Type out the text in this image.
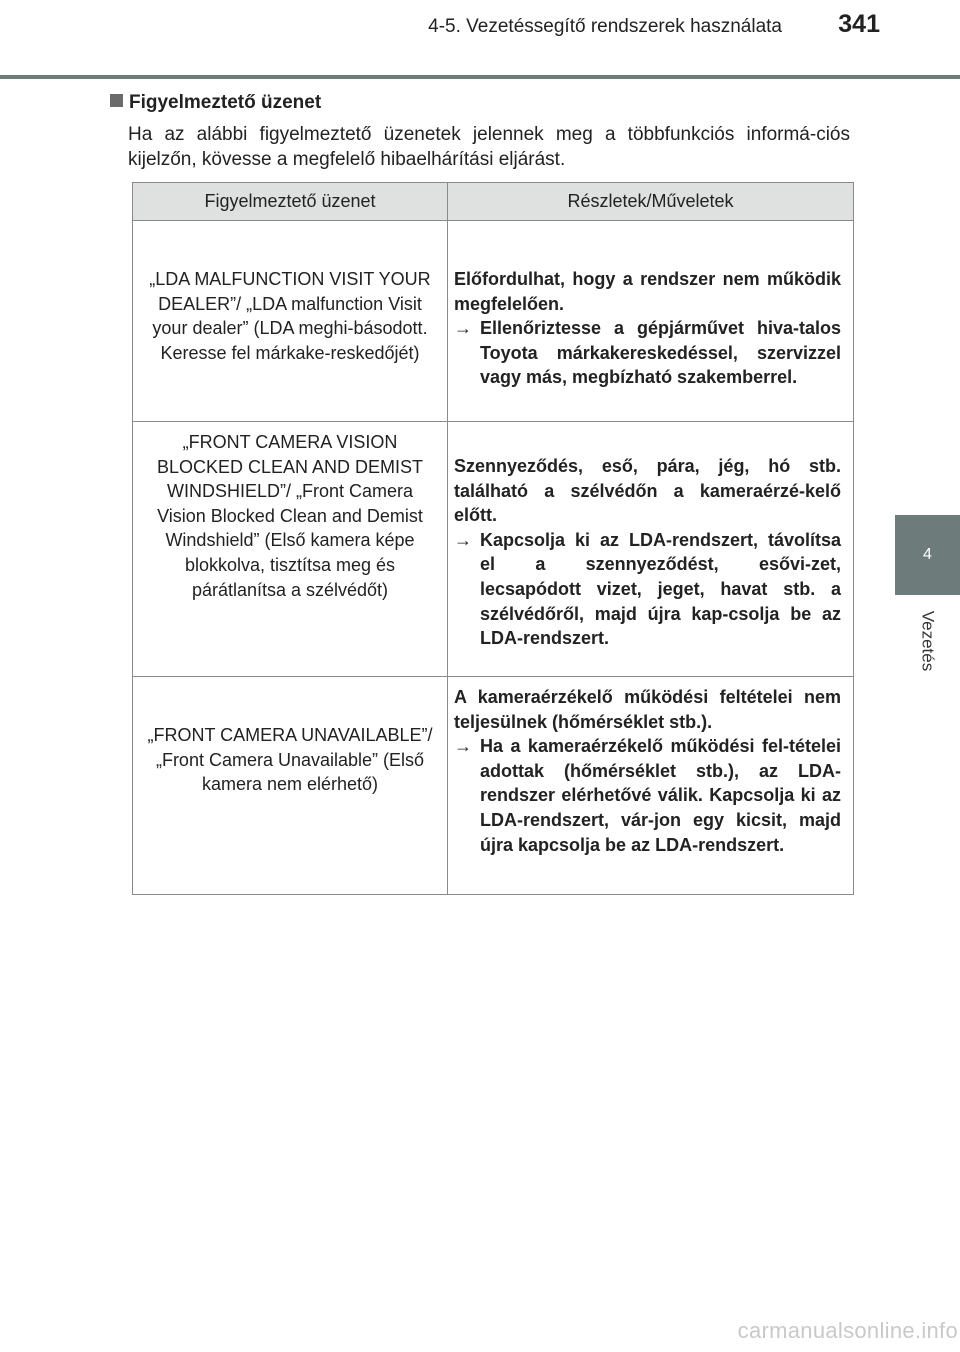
4-5. Vezetéssegítő rendszerek használata 341
4
Vezetés
Figyelmeztető üzenet
Ha az alábbi figyelmeztető üzenetek jelennek meg a többfunkciós informá-ciós kijelzőn, kövesse a megfelelő hibaelhárítási eljárást.
Figyelmeztető üzenet	Részletek/Műveletek

„LDA MALFUNCTION VISIT YOUR DEALER”/ „LDA malfunction Visit your dealer” (LDA meghi-básodott. Keresse fel márkake-reskedőjét)	Előfordulhat, hogy a rendszer nem működik megfelelően.
→ Ellenőriztesse a gépjárművet hiva-talos Toyota márkakereskedéssel, szervizzel vagy más, megbízható szakemberrel.

„FRONT CAMERA VISION BLOCKED CLEAN AND DEMIST WINDSHIELD”/ „Front Camera Vision Blocked Clean and Demist Windshield” (Első kamera képe blokkolva, tisztítsa meg és párátlanítsa a szélvédőt)	Szennyeződés, eső, pára, jég, hó stb. található a szélvédőn a kameraérzé-kelő előtt.
→ Kapcsolja ki az LDA-rendszert, távolítsa el a szennyeződést, esővi-zet, lecsapódott vizet, jeget, havat stb. a szélvédőről, majd újra kap-csolja be az LDA-rendszert.

„FRONT CAMERA UNAVAILABLE”/ „Front Camera Unavailable” (Első kamera nem elérhető)	A kameraérzékelő működési feltételei nem teljesülnek (hőmérséklet stb.).
→ Ha a kameraérzékelő működési fel-tételei adottak (hőmérséklet stb.), az LDA-rendszer elérhetővé válik. Kapcsolja ki az LDA-rendszert, vár-jon egy kicsit, majd újra kapcsolja be az LDA-rendszert.
carmanualsonline.info
